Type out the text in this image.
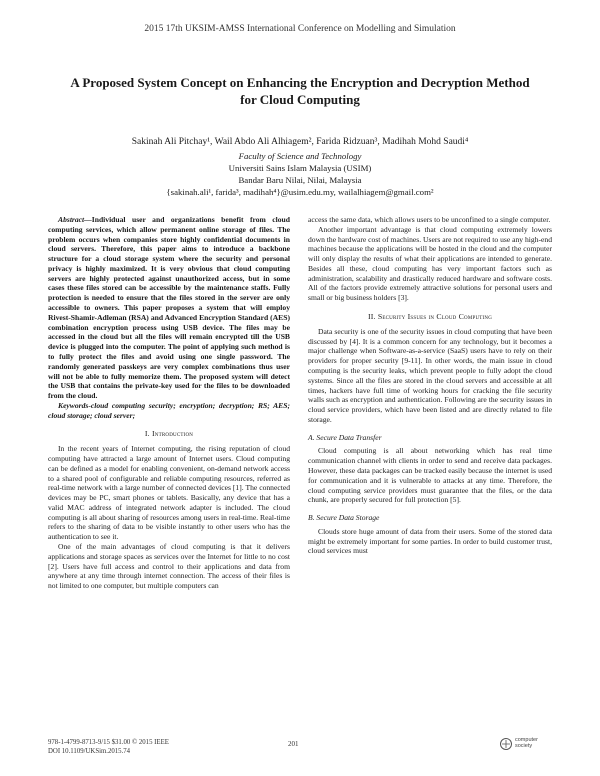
2015 17th UKSIM-AMSS International Conference on Modelling and Simulation
A Proposed System Concept on Enhancing the Encryption and Decryption Method
for Cloud Computing
Sakinah Ali Pitchay¹, Wail Abdo Ali Alhiagem², Farida Ridzuan³, Madihah Mohd Saudi⁴
Faculty of Science and Technology
Universiti Sains Islam Malaysia (USIM)
Bandar Baru Nilai, Nilai, Malaysia
{sakinah.ali¹, farida³, madihah⁴}@usim.edu.my, wailalhiagem@gmail.com²

Abstract—Individual user and organizations benefit from cloud computing services, which allow permanent online storage of files. The problem occurs when companies store highly confidential documents in cloud servers. Therefore, this paper aims to introduce a backbone structure for a cloud storage system where the security and personal privacy is highly maximized. It is very obvious that cloud computing servers are highly protected against unauthorized access, but in some cases these files stored can be accessible by the maintenance staffs. Fully protection is needed to ensure that the files stored in the server are only accessible to owners. This paper proposes a system that will employ Rivest-Shamir-Adleman (RSA) and Advanced Encryption Standard (AES) combination encryption process using USB device. The files may be accessed in the cloud but all the files will remain encrypted till the USB device is plugged into the computer. The point of applying such method is to fully protect the files and avoid using one single password. The randomly generated passkeys are very complex combinations thus user will not be able to fully memorize them. The proposed system will detect the USB that contains the private-key used for the files to be downloaded from the cloud.

Keywords-cloud computing security; encryption; decryption; RS; AES; cloud storage; cloud server;

I. Introduction

In the recent years of Internet computing, the rising reputation of cloud computing have attracted a large amount of Internet users. Cloud computing can be defined as a model for enabling convenient, on-demand network access to a shared pool of configurable and reliable computing resources, referred as real-time network with a large number of connected devices [1]. The connected devices may be PC, smart phones or tablets. Basically, any device that has a valid MAC address of integrated network adapter is included. The cloud computing is all about sharing of resources among users in real-time. Real-time refers to the sharing of data to be visible instantly to other users who has the authentication to see it.

One of the main advantages of cloud computing is that it delivers applications and storage spaces as services over the Internet for little to no cost [2]. Users have full access and control to their applications and data from anywhere at any time through internet connection. The access of their files is not limited to one computer, but multiple computers can

access the same data, which allows users to be unconfined to a single computer.

Another important advantage is that cloud computing extremely lowers down the hardware cost of machines. Users are not required to use any high-end machines because the applications will be hosted in the cloud and the computer will only display the results of what their applications are intended to generate. Besides all these, cloud computing has very important factors such as administration, scalability and drastically reduced hardware and software costs. All of the factors provide extremely attractive solutions for personal users and small or big business holders [3].

II. Security Issues in Cloud Computing

Data security is one of the security issues in cloud computing that have been discussed by [4]. It is a common concern for any technology, but it becomes a major challenge when Software-as-a-service (SaaS) users have to rely on their providers for proper security [9-11]. In other words, the main issue in cloud computing is the security leaks, which prevent people to fully adopt the cloud systems. Since all the files are stored in the cloud servers and accessible at all times, hackers have full time of working hours for cracking the file security walls such as encryption and authentication. Following are the security issues in cloud service providers, which have been listed and are directly related to file storage.

A. Secure Data Transfer

Cloud computing is all about networking which has real time communication channel with clients in order to send and receive data packages. However, these data packages can be tracked easily because the internet is used for communication and it is vulnerable to attacks at any time. Therefore, the cloud computing service providers must guarantee that the files, or the data chunk, are properly secured for full protection [5].

B. Secure Data Storage

Clouds store huge amount of data from their users. Some of the stored data might be extremely important for some parties. In order to build customer trust, cloud services must

978-1-4799-8713-9/15 $31.00 © 2015 IEEE
DOI 10.1109/UKSim.2015.74
201	computer
society
